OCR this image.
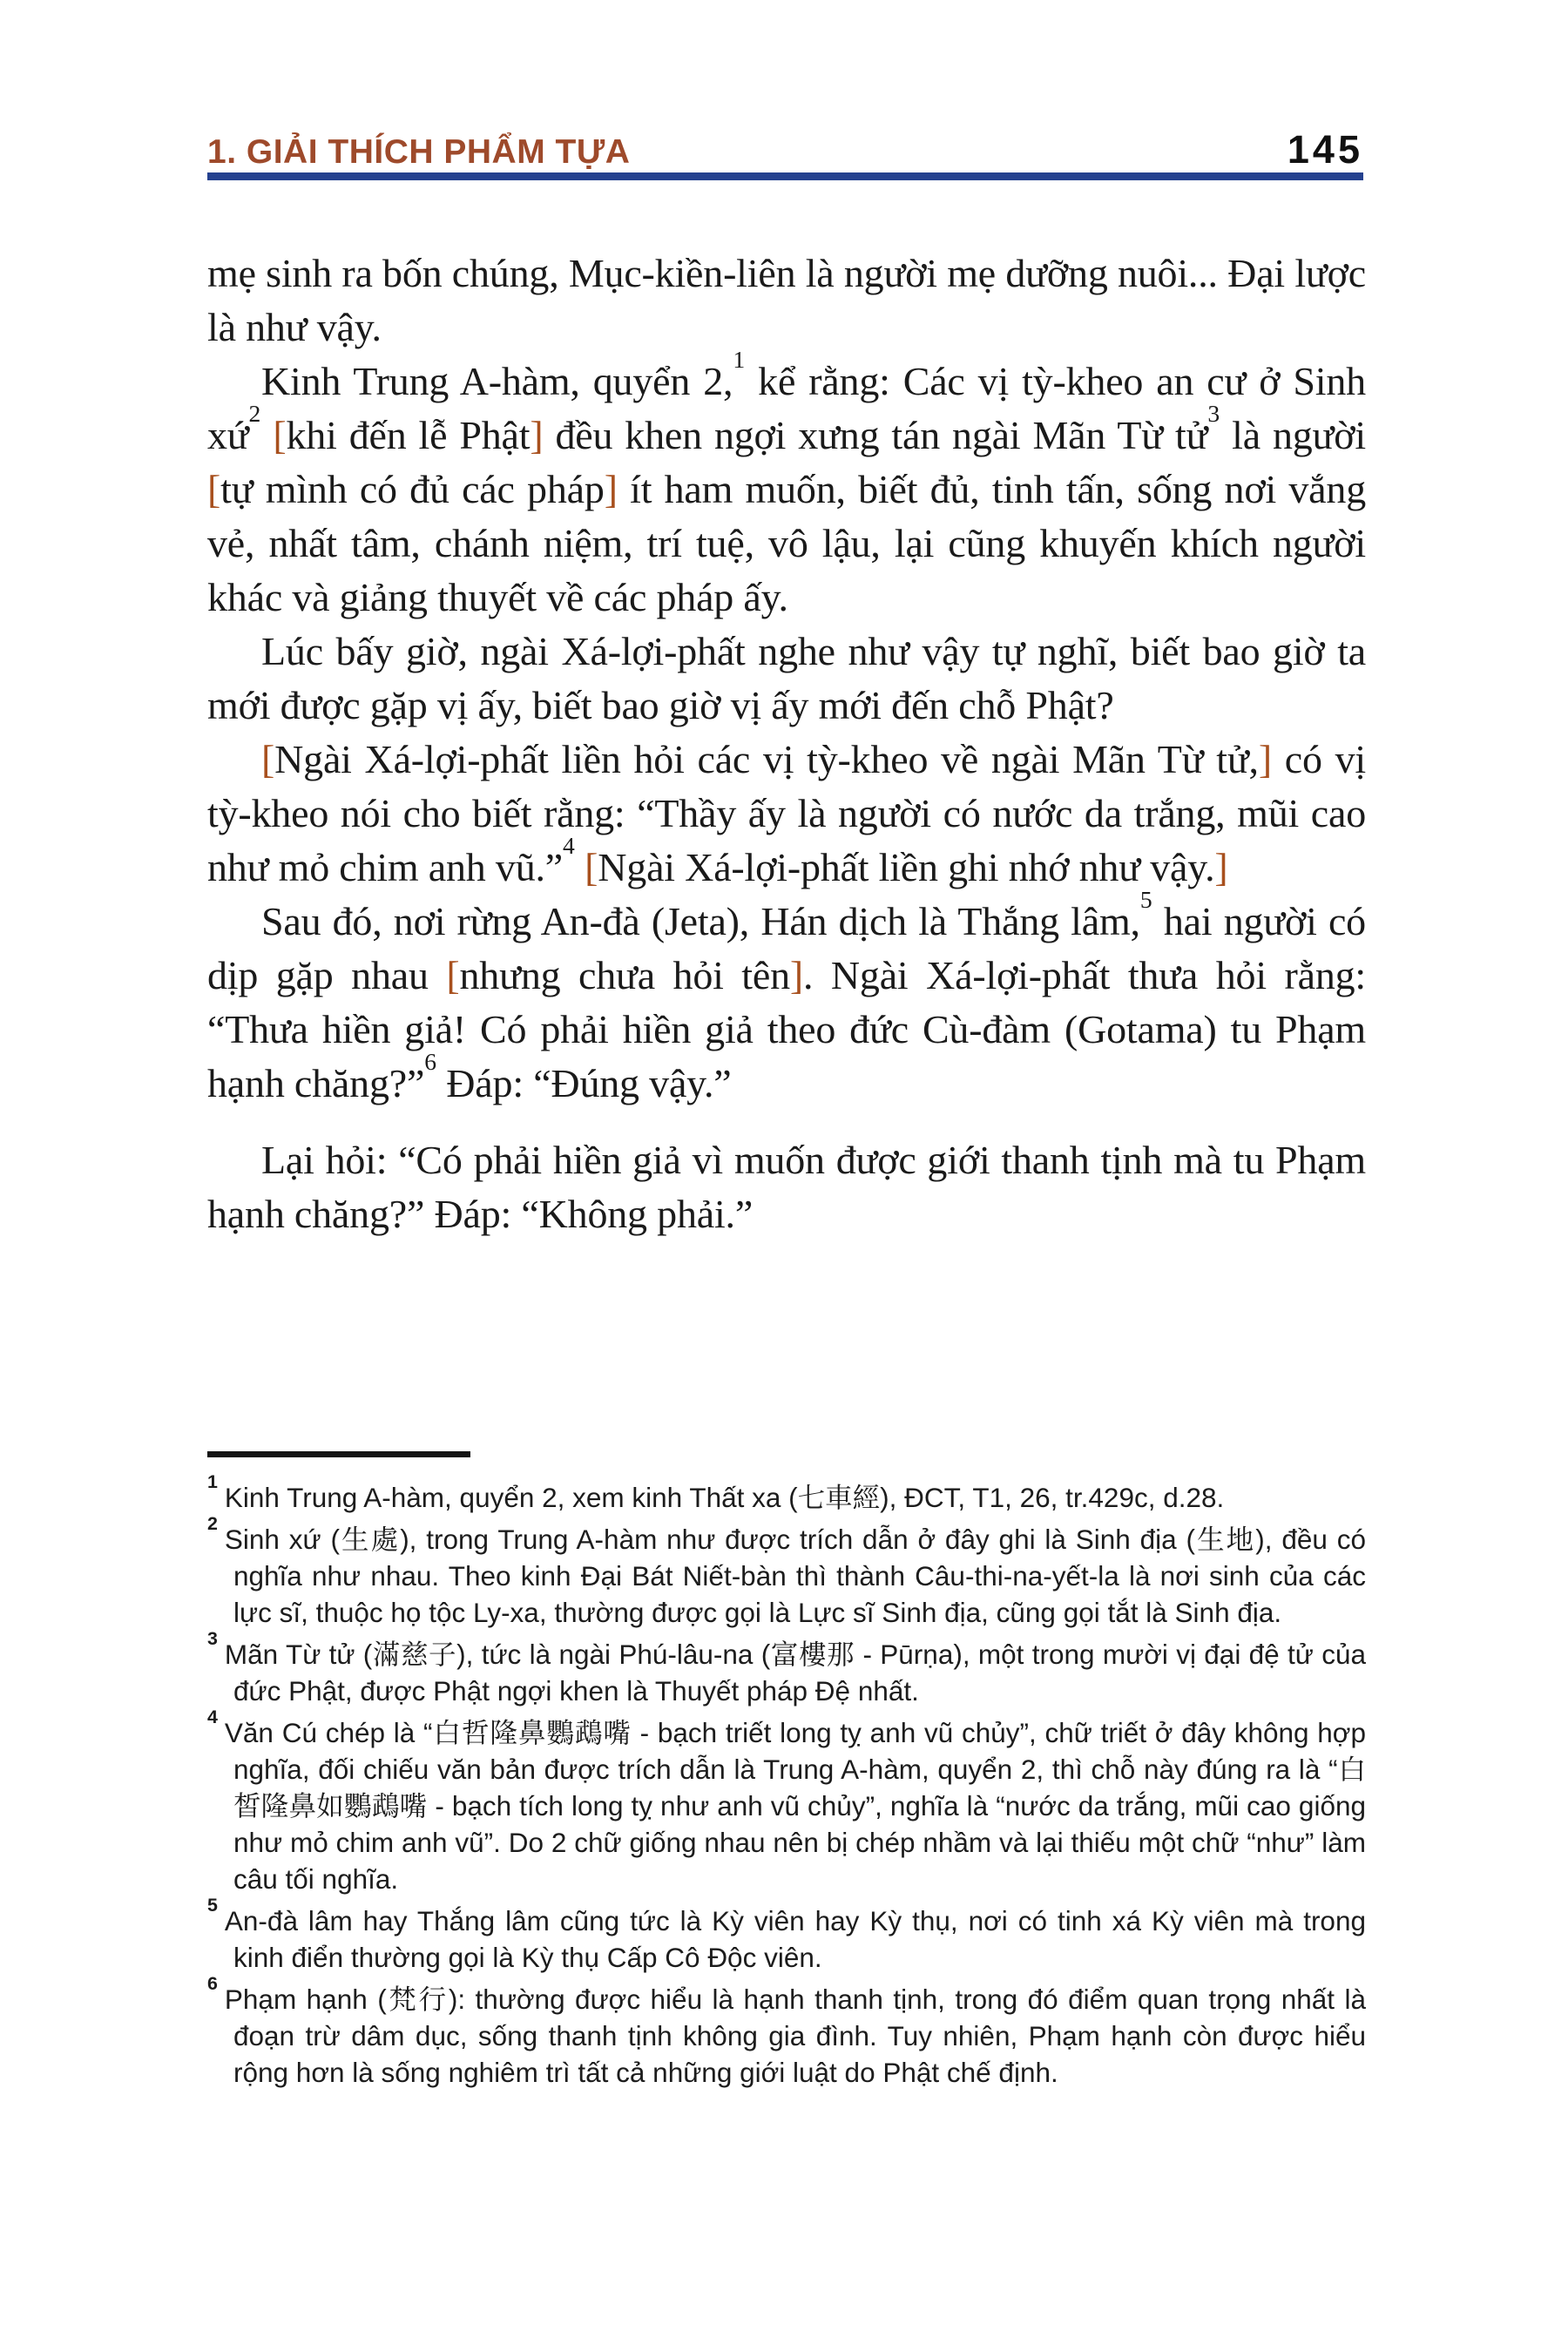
1. GIẢI THÍCH PHẨM TỰA	145

mẹ sinh ra bốn chúng, Mục-kiền-liên là người mẹ dưỡng nuôi... Đại lược là như vậy.

Kinh Trung A-hàm, quyển 2,$^1$ kể rằng: Các vị tỳ-kheo an cư ở Sinh xứ$^2$ [khi đến lễ Phật] đều khen ngợi xưng tán ngài Mãn Từ tử$^3$ là người [tự mình có đủ các pháp] ít ham muốn, biết đủ, tinh tấn, sống nơi vắng vẻ, nhất tâm, chánh niệm, trí tuệ, vô lậu, lại cũng khuyến khích người khác và giảng thuyết về các pháp ấy.

Lúc bấy giờ, ngài Xá-lợi-phất nghe như vậy tự nghĩ, biết bao giờ ta mới được gặp vị ấy, biết bao giờ vị ấy mới đến chỗ Phật?

[Ngài Xá-lợi-phất liền hỏi các vị tỳ-kheo về ngài Mãn Từ tử,] có vị tỳ-kheo nói cho biết rằng: “Thầy ấy là người có nước da trắng, mũi cao như mỏ chim anh vũ.”$^4$ [Ngài Xá-lợi-phất liền ghi nhớ như vậy.]

Sau đó, nơi rừng An-đà (Jeta), Hán dịch là Thắng lâm,$^5$ hai người có dịp gặp nhau [nhưng chưa hỏi tên]. Ngài Xá-lợi-phất thưa hỏi rằng: “Thưa hiền giả! Có phải hiền giả theo đức Cù-đàm (Gotama) tu Phạm hạnh chăng?”$^6$ Đáp: “Đúng vậy.”

Lại hỏi: “Có phải hiền giả vì muốn được giới thanh tịnh mà tu Phạm hạnh chăng?” Đáp: “Không phải.”

$^1$Kinh Trung A-hàm, quyển 2, xem kinh Thất xa (七車經), ĐCT, T1, 26, tr.429c, d.28.

$^2$Sinh xứ (生處), trong Trung A-hàm như được trích dẫn ở đây ghi là Sinh địa (生地), đều có nghĩa như nhau. Theo kinh Đại Bát Niết-bàn thì thành Câu-thi-na-yết-la là nơi sinh của các lực sĩ, thuộc họ tộc Ly-xa, thường được gọi là Lực sĩ Sinh địa, cũng gọi tắt là Sinh địa.

$^3$Mãn Từ tử (滿慈子), tức là ngài Phú-lâu-na (富樓那 - Pūrṇa), một trong mười vị đại đệ tử của đức Phật, được Phật ngợi khen là Thuyết pháp Đệ nhất.

$^4$Văn Cú chép là “白哲隆鼻鸚鵡嘴 - bạch triết long tỵ anh vũ chủy”, chữ triết ở đây không hợp nghĩa, đối chiếu văn bản được trích dẫn là Trung A-hàm, quyển 2, thì chỗ này đúng ra là “白皙隆鼻如鸚鵡嘴 - bạch tích long tỵ như anh vũ chủy”, nghĩa là “nước da trắng, mũi cao giống như mỏ chim anh vũ”. Do 2 chữ giống nhau nên bị chép nhầm và lại thiếu một chữ “như” làm câu tối nghĩa.

$^5$An-đà lâm hay Thắng lâm cũng tức là Kỳ viên hay Kỳ thụ, nơi có tinh xá Kỳ viên mà trong kinh điển thường gọi là Kỳ thụ Cấp Cô Độc viên.

$^6$Phạm hạnh (梵行): thường được hiểu là hạnh thanh tịnh, trong đó điểm quan trọng nhất là đoạn trừ dâm dục, sống thanh tịnh không gia đình. Tuy nhiên, Phạm hạnh còn được hiểu rộng hơn là sống nghiêm trì tất cả những giới luật do Phật chế định.
